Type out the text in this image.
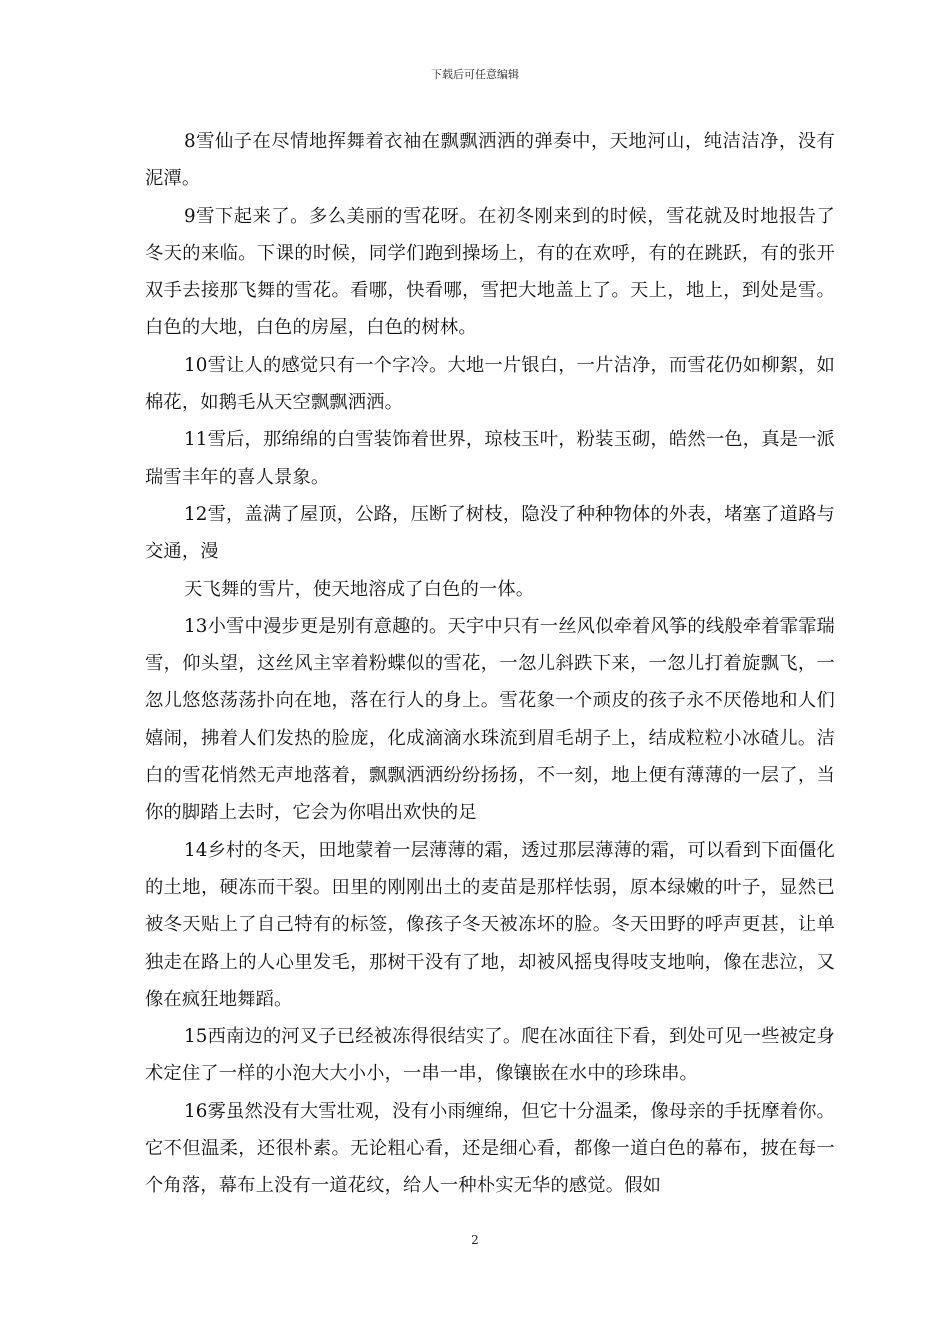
下载后可任意编辑

8雪仙子在尽情地挥舞着衣袖在飘飘洒洒的弹奏中，天地河山，纯洁洁净，没有泥潭。

9雪下起来了。多么美丽的雪花呀。在初冬刚来到的时候，雪花就及时地报告了冬天的来临。下课的时候，同学们跑到操场上，有的在欢呼，有的在跳跃，有的张开双手去接那飞舞的雪花。看哪，快看哪，雪把大地盖上了。天上，地上，到处是雪。白色的大地，白色的房屋，白色的树林。

10雪让人的感觉只有一个字冷。大地一片银白，一片洁净，而雪花仍如柳絮，如棉花，如鹅毛从天空飘飘洒洒。

11雪后，那绵绵的白雪装饰着世界，琼枝玉叶，粉装玉砌，皓然一色，真是一派瑞雪丰年的喜人景象。

12雪，盖满了屋顶，公路，压断了树枝，隐没了种种物体的外表，堵塞了道路与交通，漫

天飞舞的雪片，使天地溶成了白色的一体。

13小雪中漫步更是别有意趣的。天宇中只有一丝风似牵着风筝的线般牵着霏霏瑞雪，仰头望，这丝风主宰着粉蝶似的雪花，一忽儿斜跌下来，一忽儿打着旋飘飞，一忽儿悠悠荡荡扑向在地，落在行人的身上。雪花象一个顽皮的孩子永不厌倦地和人们嬉闹，拂着人们发热的脸庞，化成滴滴水珠流到眉毛胡子上，结成粒粒小冰碴儿。洁白的雪花悄然无声地落着，飘飘洒洒纷纷扬扬，不一刻，地上便有薄薄的一层了，当你的脚踏上去时，它会为你唱出欢快的足

14乡村的冬天，田地蒙着一层薄薄的霜，透过那层薄薄的霜，可以看到下面僵化的土地，硬冻而干裂。田里的刚刚出土的麦苗是那样怯弱，原本绿嫩的叶子，显然已被冬天贴上了自己特有的标签，像孩子冬天被冻坏的脸。冬天田野的呼声更甚，让单独走在路上的人心里发毛，那树干没有了地，却被风摇曳得吱支地响，像在悲泣，又像在疯狂地舞蹈。

15西南边的河叉子已经被冻得很结实了。爬在冰面往下看，到处可见一些被定身术定住了一样的小泡大大小小，一串一串，像镶嵌在水中的珍珠串。

16雾虽然没有大雪壮观，没有小雨缠绵，但它十分温柔，像母亲的手抚摩着你。它不但温柔，还很朴素。无论粗心看，还是细心看，都像一道白色的幕布，披在每一个角落，幕布上没有一道花纹，给人一种朴实无华的感觉。假如

2
